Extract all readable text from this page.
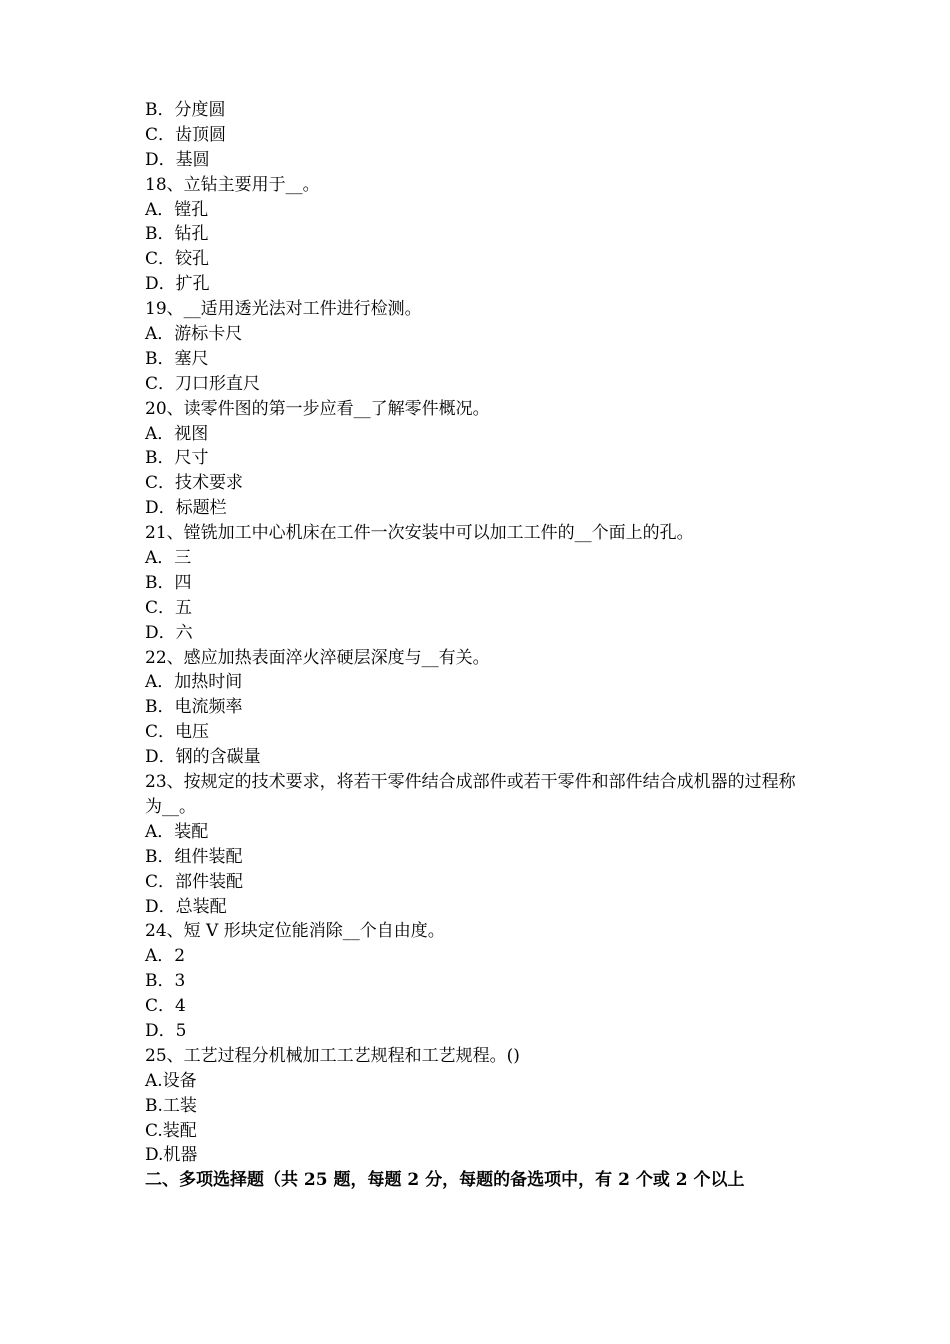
B．分度圆
C．齿顶圆
D．基圆
18、立钻主要用于__。
A．镗孔
B．钻孔
C．铰孔
D．扩孔
19、__适用透光法对工件进行检测。
A．游标卡尺
B．塞尺
C．刀口形直尺
20、读零件图的第一步应看__了解零件概况。
A．视图
B．尺寸
C．技术要求
D．标题栏
21、镗铣加工中心机床在工件一次安装中可以加工工件的__个面上的孔。
A．三
B．四
C．五
D．六
22、感应加热表面淬火淬硬层深度与__有关。
A．加热时间
B．电流频率
C．电压
D．钢的含碳量
23、按规定的技术要求，将若干零件结合成部件或若干零件和部件结合成机器的过程称为__。
A．装配
B．组件装配
C．部件装配
D．总装配
24、短 V 形块定位能消除__个自由度。
A．2
B．3
C．4
D．5
25、工艺过程分机械加工工艺规程和工艺规程。()
A.设备
B.工装
C.装配
D.机器
二、多项选择题（共 25 题，每题 2 分，每题的备选项中，有 2 个或 2 个以上
